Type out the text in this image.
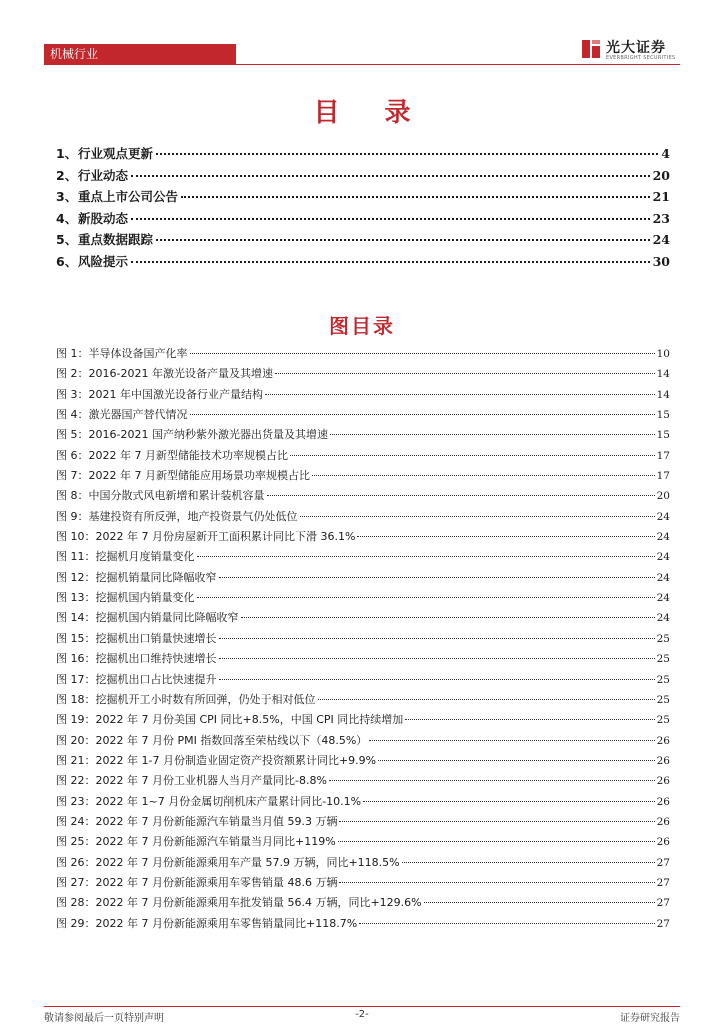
机械行业	光大证券
EVERBRIGHT SECURITIES
目 录
1、 行业观点更新	4
2、 行业动态	20
3、 重点上市公司公告	21
4、 新股动态	23
5、 重点数据跟踪	24
6、 风险提示	30
图目录
图 1： 半导体设备国产化率	10
图 2： 2016-2021 年激光设备产量及其增速	14
图 3： 2021 年中国激光设备行业产量结构	14
图 4： 激光器国产替代情况	15
图 5： 2016-2021 国产纳秒紫外激光器出货量及其增速	15
图 6： 2022 年 7 月新型储能技术功率规模占比	17
图 7： 2022 年 7 月新型储能应用场景功率规模占比	17
图 8： 中国分散式风电新增和累计装机容量	20
图 9： 基建投资有所反弹，地产投资景气仍处低位	24
图 10： 2022 年 7 月份房屋新开工面积累计同比下滑 36.1%	24
图 11： 挖掘机月度销量变化	24
图 12： 挖掘机销量同比降幅收窄	24
图 13： 挖掘机国内销量变化	24
图 14： 挖掘机国内销量同比降幅收窄	24
图 15： 挖掘机出口销量快速增长	25
图 16： 挖掘机出口维持快速增长	25
图 17： 挖掘机出口占比快速提升	25
图 18： 挖掘机开工小时数有所回弹，仍处于相对低位	25
图 19： 2022 年 7 月份美国 CPI 同比+8.5%，中国 CPI 同比持续增加	25
图 20： 2022 年 7 月份 PMI 指数回落至荣枯线以下（48.5%）	26
图 21： 2022 年 1-7 月份制造业固定资产投资额累计同比+9.9%	26
图 22： 2022 年 7 月份工业机器人当月产量同比-8.8%	26
图 23： 2022 年 1~7 月份金属切削机床产量累计同比-10.1%	26
图 24： 2022 年 7 月份新能源汽车销量当月值 59.3 万辆	26
图 25： 2022 年 7 月份新能源汽车销量当月同比+119%	26
图 26： 2022 年 7 月份新能源乘用车产量 57.9 万辆，同比+118.5%	27
图 27： 2022 年 7 月份新能源乘用车零售销量 48.6 万辆	27
图 28： 2022 年 7 月份新能源乘用车批发销量 56.4 万辆，同比+129.6%	27
图 29： 2022 年 7 月份新能源乘用车零售销量同比+118.7%	27
敬请参阅最后一页特别声明	-2-	证券研究报告
